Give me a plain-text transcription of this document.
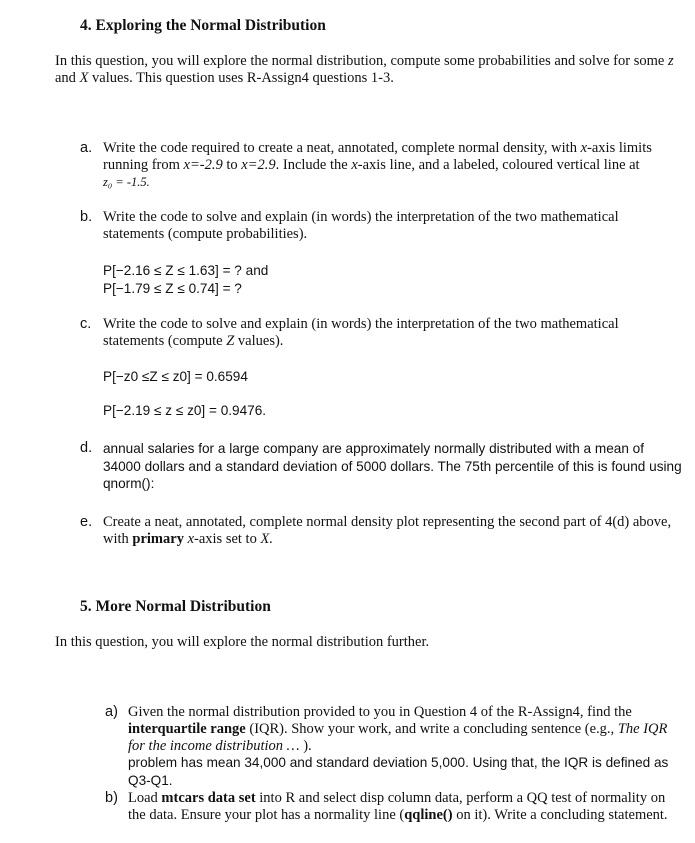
4. Exploring the Normal Distribution
In this question, you will explore the normal distribution, compute some probabilities and solve for some z
and X values. This question uses R-Assign4 questions 1-3.
a. Write the code required to create a neat, annotated, complete normal density, with x-axis limits
running from x=-2.9 to x=2.9. Include the x-axis line, and a labeled, coloured vertical line at
z₀ = -1.5.
b. Write the code to solve and explain (in words) the interpretation of the two mathematical
statements (compute probabilities).
P[−2.16 ≤ Z ≤ 1.63] = ? and
P[−1.79 ≤ Z ≤ 0.74] = ?
c. Write the code to solve and explain (in words) the interpretation of the two mathematical
statements (compute Z values).
P[−z0 ≤Z ≤ z0] = 0.6594
P[−2.19 ≤ z ≤ z0] = 0.9476.
d. annual salaries for a large company are approximately normally distributed with a mean of
34000 dollars and a standard deviation of 5000 dollars. The 75th percentile of this is found using
qnorm():
e. Create a neat, annotated, complete normal density plot representing the second part of 4(d) above,
with primary x-axis set to X.
5. More Normal Distribution
In this question, you will explore the normal distribution further.
a) Given the normal distribution provided to you in Question 4 of the R-Assign4, find the
interquartile range (IQR). Show your work, and write a concluding sentence (e.g., The IQR
for the income distribution … ).
problem has mean 34,000 and standard deviation 5,000. Using that, the IQR is defined as
Q3-Q1.
b) Load mtcars data set into R and select disp column data, perform a QQ test of normality on
the data. Ensure your plot has a normality line (qqline() on it). Write a concluding statement.
